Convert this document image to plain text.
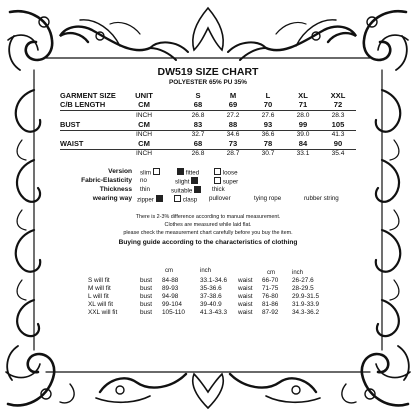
DW519 SIZE CHART
POLYESTER 65% PU 35%
GARMENT SIZE	UNIT	S	M	L	XL	XXL
C/B LENGTH	CM	68	69	70	71	72
INCH	26.8	27.2	27.6	28.0	28.3
BUST	CM	83	88	93	99	105
INCH	32.7	34.6	36.6	39.0	41.3
WAIST	CM	68	73	78	84	90
INCH	26.8	28.7	30.7	33.1	35.4
Version slim	fitted	loose
Fabric-Elasticity no	slight	super
Thickness thin	suitable	thick
wearing way zipper	clasp pullover	tying rope	rubber string
There is 2-3% difference according to manual measurement.
Clothes are measured while laid flat.
please check the measurement chart carefully before you buy the item.
Buying guide according to the characteristics of clothing
cm	inch	cm	inch
S will fit	bust 84-88	33.1-34.6 waist 66-70 26-27.6
M will fit	bust 89-93	35-36.6	waist 71-75 28-29.5
L will fit	bust 94-98	37-38.6	waist 76-80 29.9-31.5
XL will fit	bust 99-104	39-40.9	waist 81-86 31.9-33.9
XXL will fit	bust 105-110 41.3-43.3 waist 87-92 34.3-36.2
